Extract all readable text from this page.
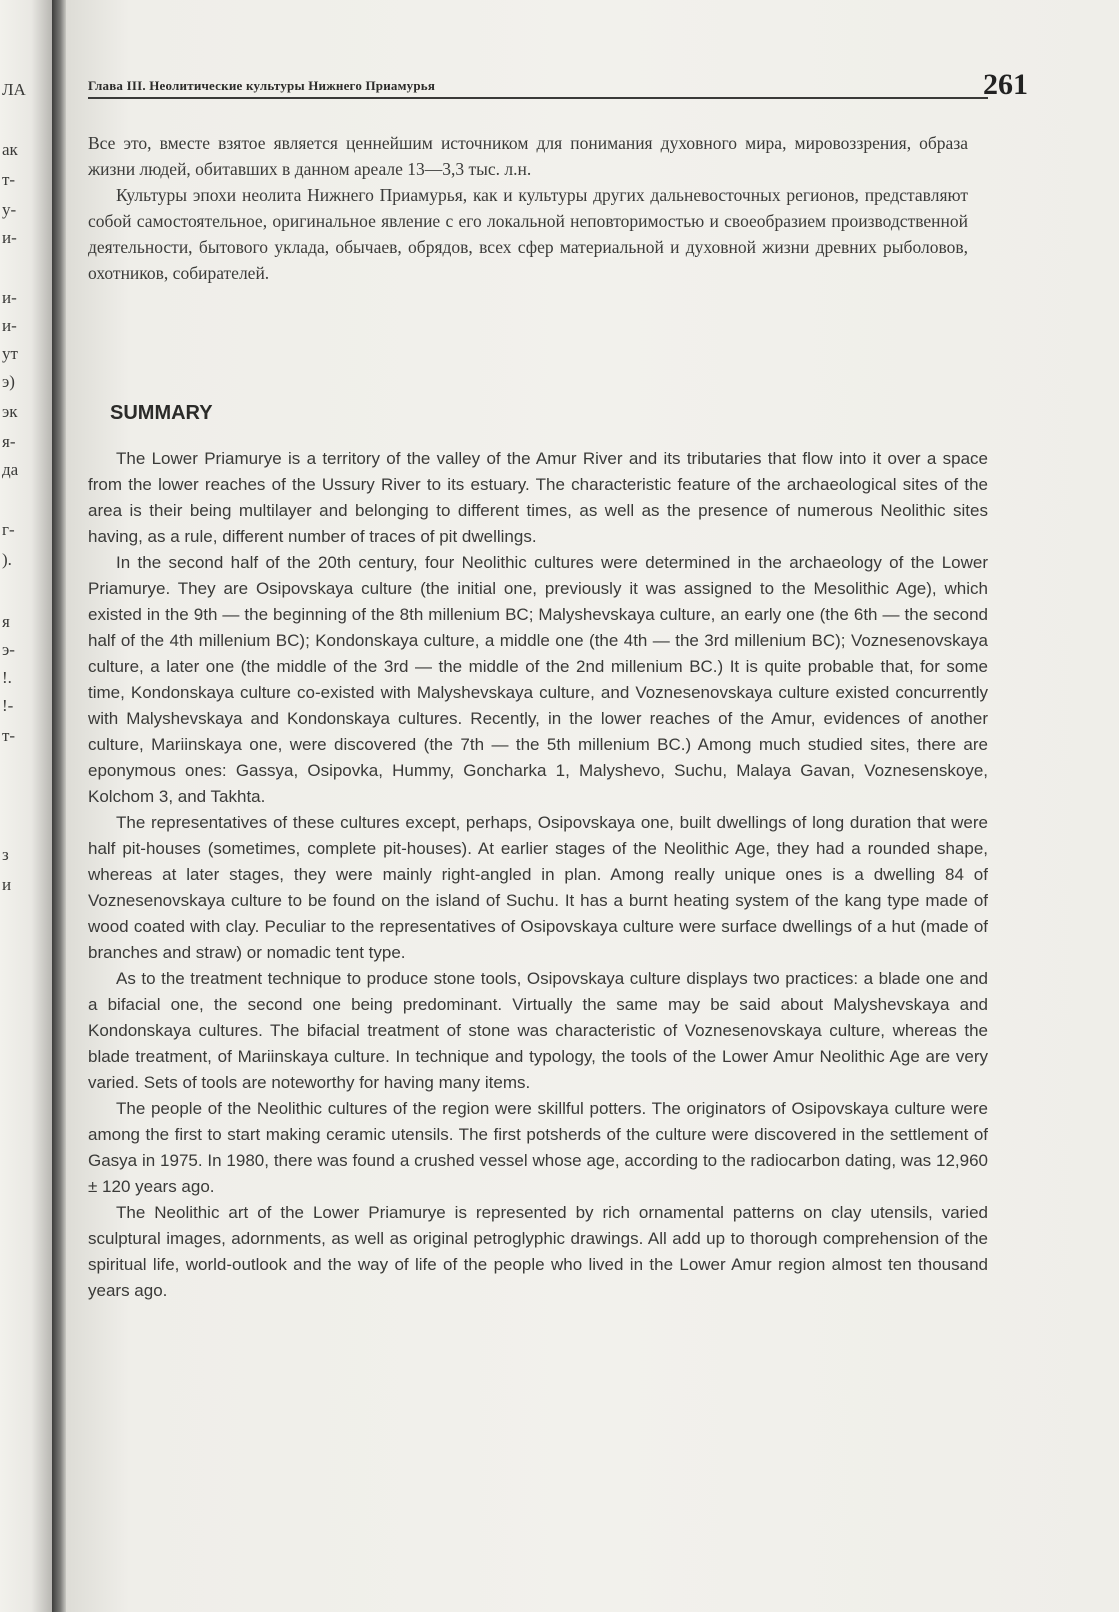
ЛА
ак
т-
у-
и-
и-
и-
ут
э)
эк
я-
да
г-
).
я
э-
!.
!-
т-
з
и
Глава III. Неолитические культуры Нижнего Приамурья	261

Все это, вместе взятое является ценнейшим источником для понимания духовного мира, мировоззрения, образа жизни людей, обитавших в данном ареале 13—3,3 тыс. л.н.

Культуры эпохи неолита Нижнего Приамурья, как и культуры других дальневосточных регионов, представляют собой самостоятельное, оригинальное явление с его локальной неповторимостью и своеобразием производственной деятельности, бытового уклада, обычаев, обрядов, всех сфер материальной и духовной жизни древних рыболовов, охотников, собирателей.

SUMMARY

The Lower Priamurye is a territory of the valley of the Amur River and its tributaries that flow into it over a space from the lower reaches of the Ussury River to its estuary. The characteristic feature of the archaeological sites of the area is their being multilayer and belonging to different times, as well as the presence of numerous Neolithic sites having, as a rule, different number of traces of pit dwellings.

In the second half of the 20th century, four Neolithic cultures were determined in the archaeology of the Lower Priamurye. They are Osipovskaya culture (the initial one, previously it was assigned to the Mesolithic Age), which existed in the 9th — the beginning of the 8th millenium BC; Malyshevskaya culture, an early one (the 6th — the second half of the 4th millenium BC); Kondonskaya culture, a middle one (the 4th — the 3rd millenium BC); Voznesenovskaya culture, a later one (the middle of the 3rd — the middle of the 2nd millenium BC.) It is quite probable that, for some time, Kondonskaya culture co-existed with Malyshevskaya culture, and Voznesenovskaya culture existed concurrently with Malyshevskaya and Kondonskaya cultures. Recently, in the lower reaches of the Amur, evidences of another culture, Mariinskaya one, were discovered (the 7th — the 5th millenium BC.) Among much studied sites, there are eponymous ones: Gassya, Osipovka, Hummy, Goncharka 1, Malyshevo, Suchu, Malaya Gavan, Voznesenskoye, Kolchom 3, and Takhta.

The representatives of these cultures except, perhaps, Osipovskaya one, built dwellings of long duration that were half pit-houses (sometimes, complete pit-houses). At earlier stages of the Neolithic Age, they had a rounded shape, whereas at later stages, they were mainly right-angled in plan. Among really unique ones is a dwelling 84 of Voznesenovskaya culture to be found on the island of Suchu. It has a burnt heating system of the kang type made of wood coated with clay. Peculiar to the representatives of Osipovskaya culture were surface dwellings of a hut (made of branches and straw) or nomadic tent type.

As to the treatment technique to produce stone tools, Osipovskaya culture displays two practices: a blade one and a bifacial one, the second one being predominant. Virtually the same may be said about Malyshevskaya and Kondonskaya cultures. The bifacial treatment of stone was characteristic of Voznesenovskaya culture, whereas the blade treatment, of Mariinskaya culture. In technique and typology, the tools of the Lower Amur Neolithic Age are very varied. Sets of tools are noteworthy for having many items.

The people of the Neolithic cultures of the region were skillful potters. The originators of Osipovskaya culture were among the first to start making ceramic utensils. The first potsherds of the culture were discovered in the settlement of Gasya in 1975. In 1980, there was found a crushed vessel whose age, according to the radiocarbon dating, was 12,960 ± 120 years ago.

The Neolithic art of the Lower Priamurye is represented by rich ornamental patterns on clay utensils, varied sculptural images, adornments, as well as original petroglyphic drawings. All add up to thorough comprehension of the spiritual life, world-outlook and the way of life of the people who lived in the Lower Amur region almost ten thousand years ago.
